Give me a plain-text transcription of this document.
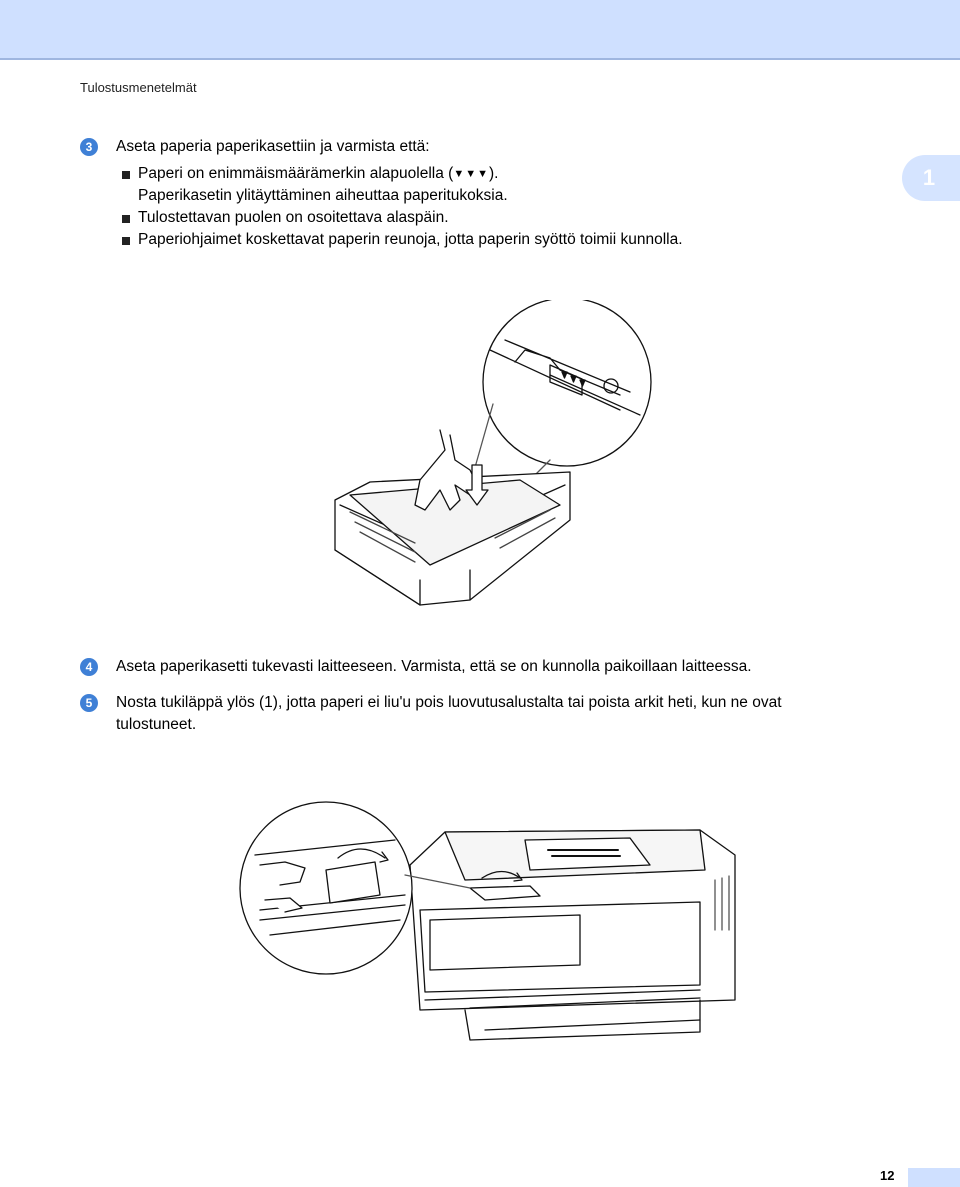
Tulostusmenetelmät
1
3	Aseta paperia paperikasettiin ja varmista että:
Paperi on enimmäismäärämerkin alapuolella (▼▼▼).
Paperikasetin ylitäyttäminen aiheuttaa paperitukoksia.
Tulostettavan puolen on osoitettava alaspäin.
Paperiohjaimet koskettavat paperin reunoja, jotta paperin syöttö toimii kunnolla.
4	Aseta paperikasetti tukevasti laitteeseen. Varmista, että se on kunnolla paikoillaan laitteessa.
5	Nosta tukiläppä ylös (1), jotta paperi ei liu'u pois luovutusalustalta tai poista arkit heti, kun ne ovat
tulostuneet.
12
